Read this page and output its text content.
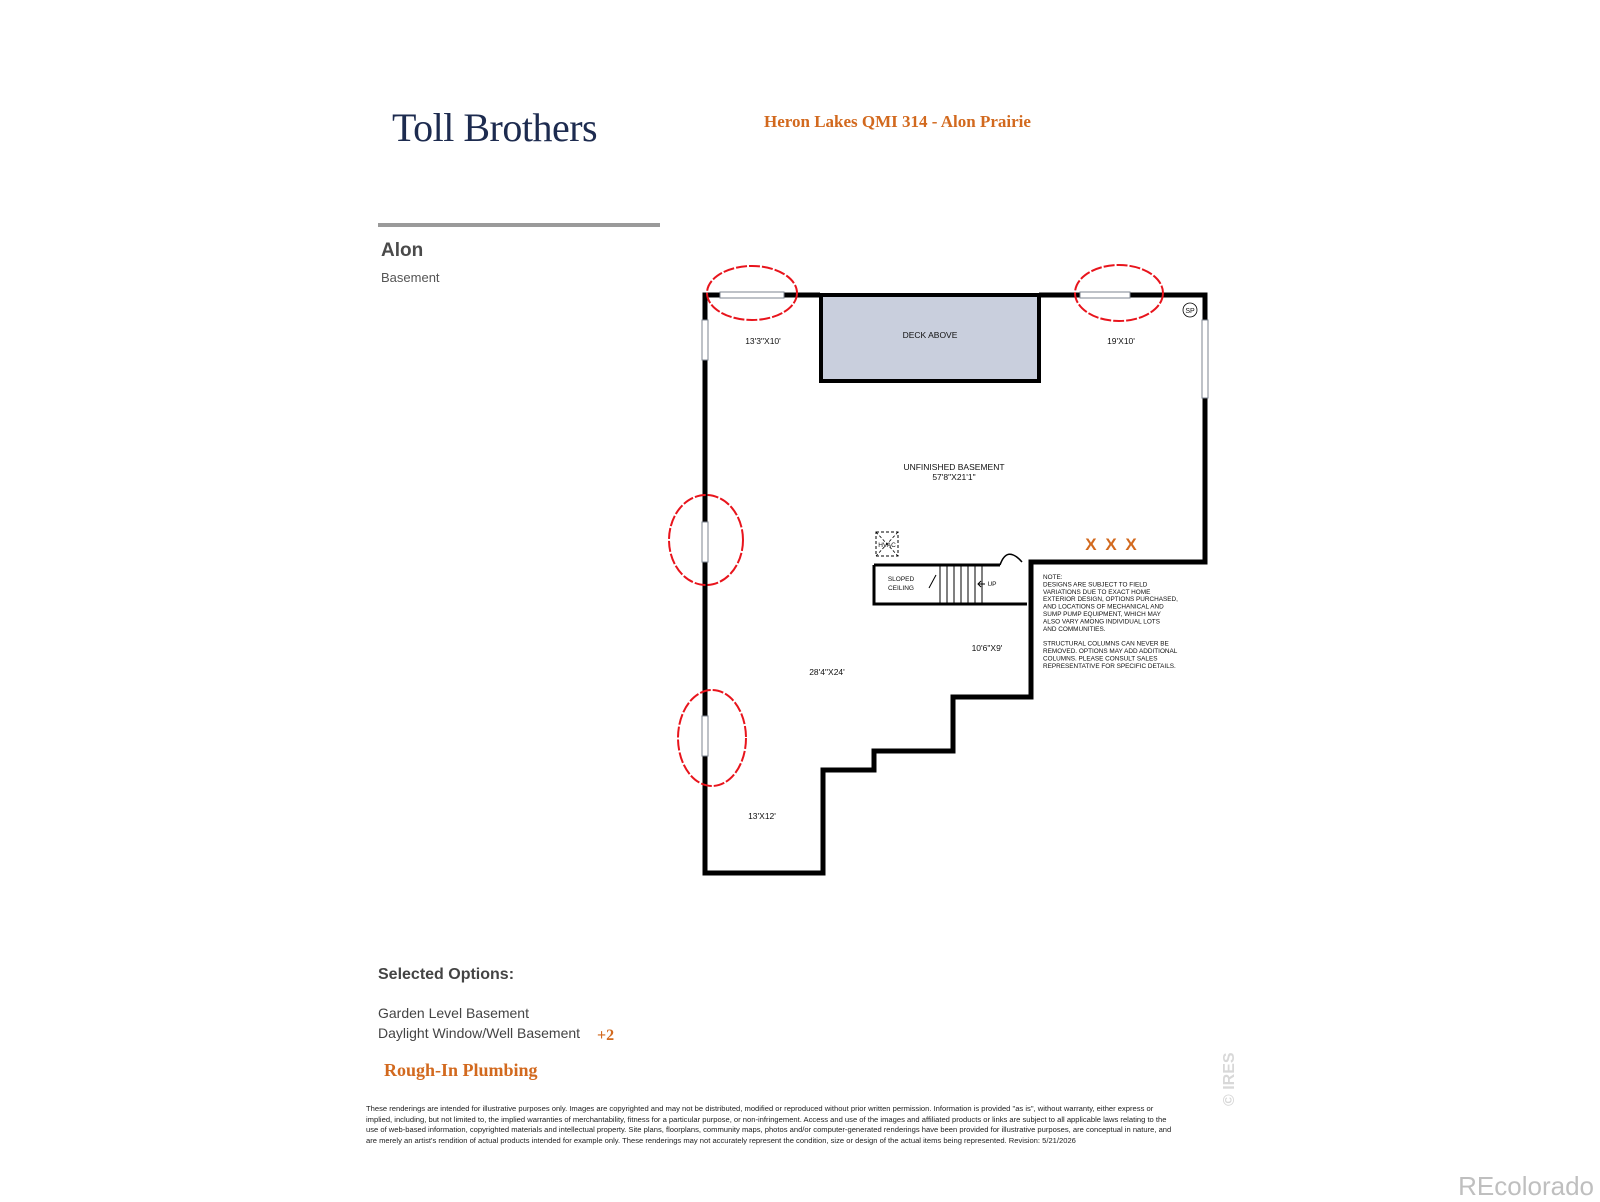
Toll Brothers	Heron Lakes QMI 314 - Alon Prairie
Alon
Basement
DECK ABOVE
13'3"X10'	19'X10'
UNFINISHED BASEMENT
57'8"X21'1"
10'6"X9'
28'4"X24'
13'X12'
HVAC
SLOPED
CEILING
UP
SP
X X X
NOTE:
DESIGNS ARE SUBJECT TO FIELD
VARIATIONS DUE TO EXACT HOME
EXTERIOR DESIGN, OPTIONS PURCHASED,
AND LOCATIONS OF MECHANICAL AND
SUMP PUMP EQUIPMENT, WHICH MAY
ALSO VARY AMONG INDIVIDUAL LOTS
AND COMMUNITIES.
STRUCTURAL COLUMNS CAN NEVER BE
REMOVED. OPTIONS MAY ADD ADDITIONAL
COLUMNS. PLEASE CONSULT SALES
REPRESENTATIVE FOR SPECIFIC DETAILS.
Selected Options:
Garden Level Basement
Daylight Window/Well Basement +2
Rough-In Plumbing
These renderings are intended for illustrative purposes only. Images are copyrighted and may not be distributed, modified or reproduced without prior written permission. Information is provided "as is", without warranty, either express or implied, including, but not limited to, the implied warranties of merchantability, fitness for a particular purpose, or non-infringement. Access and use of the images and affiliated products or links are subject to all applicable laws relating to the use of web-based information, copyrighted materials and intellectual property. Site plans, floorplans, community maps, photos and/or computer-generated renderings have been provided for illustrative purposes, are conceptual in nature, and are merely an artist's rendition of actual products intended for example only. These renderings may not accurately represent the condition, size or design of the actual items being represented. Revision: 5/21/2026
© IRES
REcolorado
